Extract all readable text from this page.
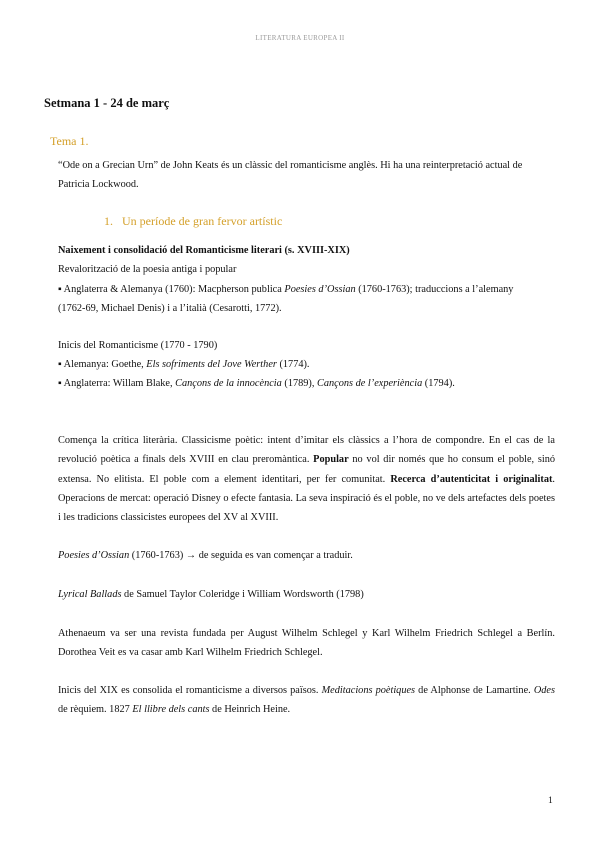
LITERATURA EUROPEA II
Setmana 1 - 24 de març
Tema 1.
“Ode on a Grecian Urn” de John Keats és un clàssic del romanticisme anglès. Hi ha una reinterpretació actual de
Patricia Lockwood.
1. Un període de gran fervor artístic
Naixement i consolidació del Romanticisme literari (s. XVIII-XIX)
Revalorització de la poesia antiga i popular
▪ Anglaterra & Alemanya (1760): Macpherson publica Poesies d’Ossian (1760-1763); traduccions a l’alemany
(1762-69, Michael Denis) i a l’italià (Cesarotti, 1772).
Inicis del Romanticisme (1770 - 1790)
▪ Alemanya: Goethe, Els sofriments del Jove Werther (1774).
▪ Anglaterra: Willam Blake, Cançons de la innocència (1789), Cançons de l’experiència (1794).
Comença la crítica literària. Classicisme poètic: intent d’imitar els clàssics a l’hora de compondre. En el cas de la revolució poètica a finals dels XVIII en clau preromàntica. Popular no vol dir només que ho consum el poble, sinó extensa. No elitista. El poble com a element identitari, per fer comunitat. Recerca d’autenticitat i originalitat. Operacions de mercat: operació Disney o efecte fantasia. La seva inspiració és el poble, no ve dels artefactes dels poetes i les tradicions classicistes europees del XV al XVIII.
Poesies d’Ossian (1760-1763) → de seguida es van començar a traduir.
Lyrical Ballads de Samuel Taylor Coleridge i William Wordsworth (1798)
Athenaeum va ser una revista fundada per August Wilhelm Schlegel y Karl Wilhelm Friedrich Schlegel a Berlín. Dorothea Veit es va casar amb Karl Wilhelm Friedrich Schlegel.
Inicis del XIX es consolida el romanticisme a diversos països. Meditacions poètiques de Alphonse de Lamartine. Odes de rèquiem. 1827 El llibre dels cants de Heinrich Heine.
1
